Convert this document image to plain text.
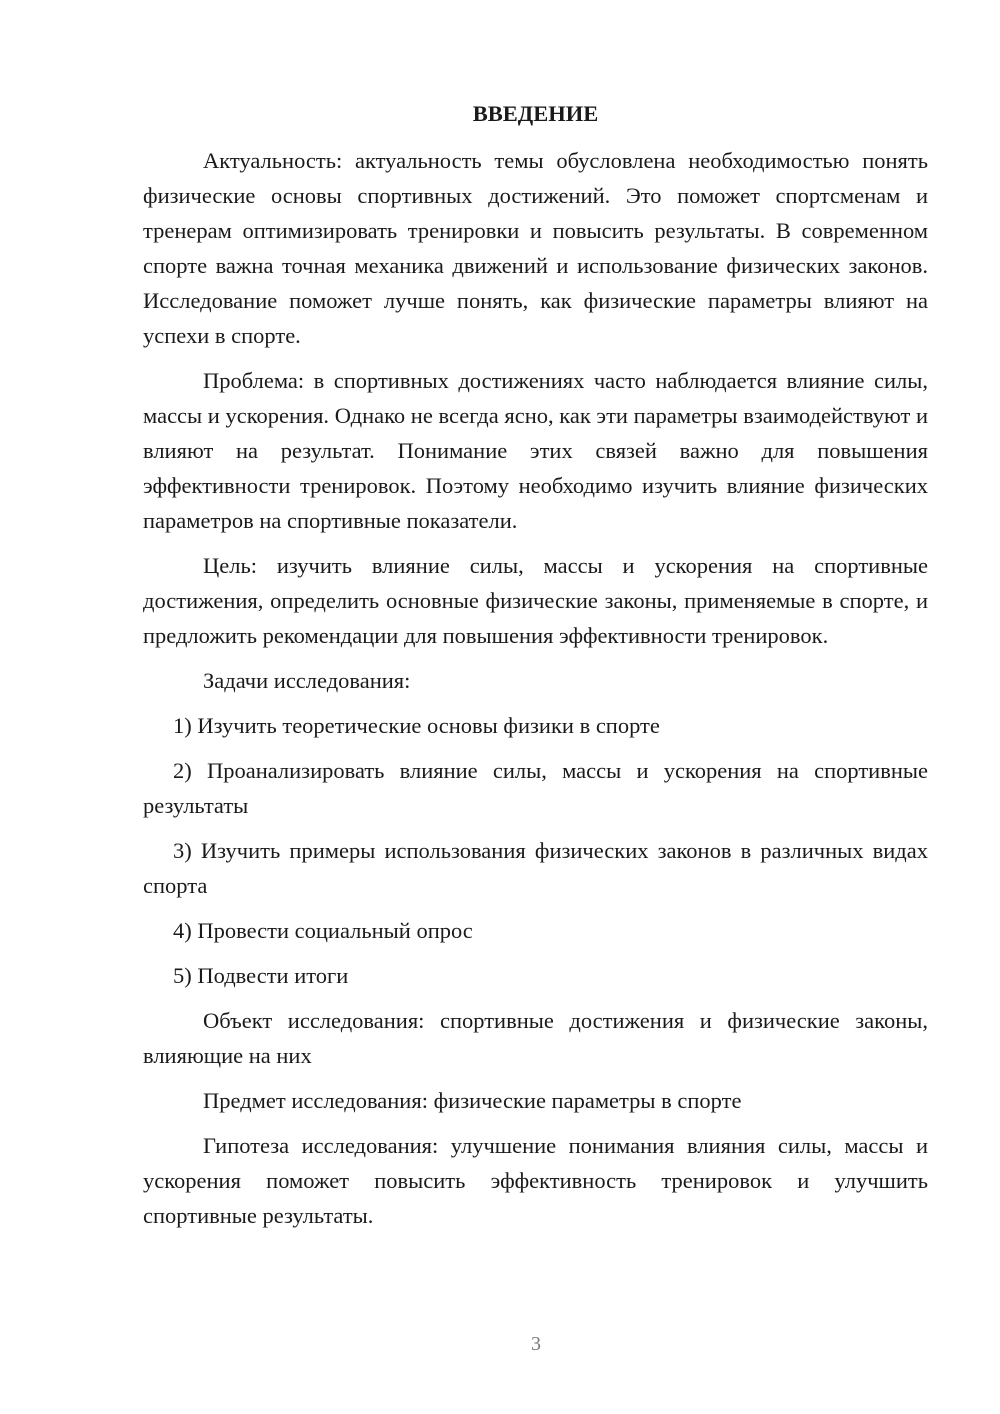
ВВЕДЕНИЕ

Актуальность: актуальность темы обусловлена необходимостью понять физические основы спортивных достижений. Это поможет спортсменам и тренерам оптимизировать тренировки и повысить результаты. В современном спорте важна точная механика движений и использование физических законов. Исследование поможет лучше понять, как физические параметры влияют на успехи в спорте.

Проблема: в спортивных достижениях часто наблюдается влияние силы, массы и ускорения. Однако не всегда ясно, как эти параметры взаимодействуют и влияют на результат. Понимание этих связей важно для повышения эффективности тренировок. Поэтому необходимо изучить влияние физических параметров на спортивные показатели.

Цель: изучить влияние силы, массы и ускорения на спортивные достижения, определить основные физические законы, применяемые в спорте, и предложить рекомендации для повышения эффективности тренировок.

Задачи исследования:

1) Изучить теоретические основы физики в спорте

2) Проанализировать влияние силы, массы и ускорения на спортивные результаты

3) Изучить примеры использования физических законов в различных видах спорта

4) Провести социальный опрос

5) Подвести итоги

Объект исследования: спортивные достижения и физические законы, влияющие на них

Предмет исследования: физические параметры в спорте

Гипотеза исследования: улучшение понимания влияния силы, массы и ускорения поможет повысить эффективность тренировок и улучшить спортивные результаты.

3
